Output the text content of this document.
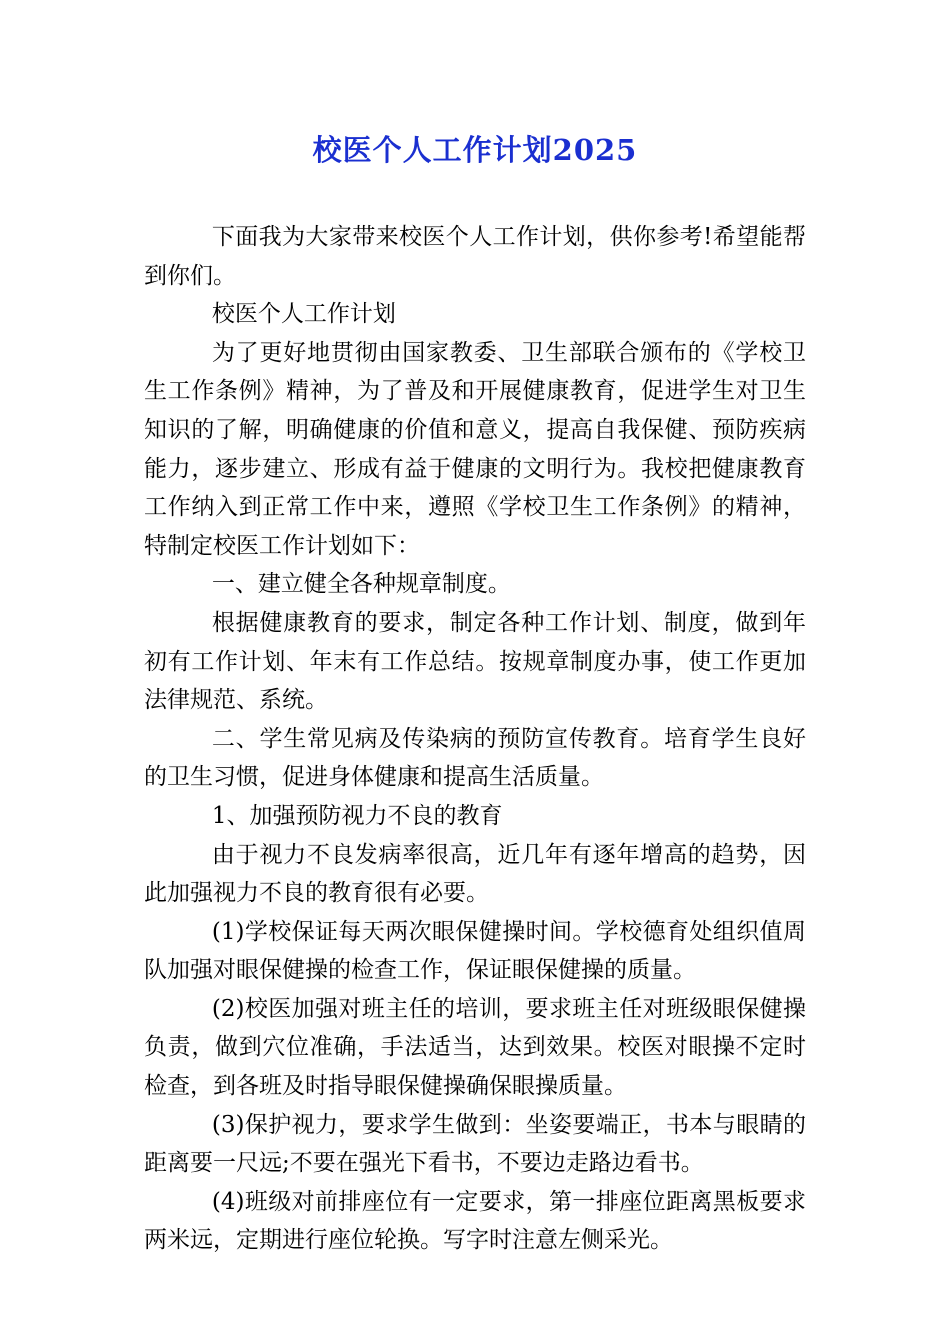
校医个人工作计划2025

下面我为大家带来校医个人工作计划，供你参考!希望能帮到你们。

校医个人工作计划

为了更好地贯彻由国家教委、卫生部联合颁布的《学校卫生工作条例》精神，为了普及和开展健康教育，促进学生对卫生知识的了解，明确健康的价值和意义，提高自我保健、预防疾病能力，逐步建立、形成有益于健康的文明行为。我校把健康教育工作纳入到正常工作中来，遵照《学校卫生工作条例》的精神，特制定校医工作计划如下：

一、建立健全各种规章制度。

根据健康教育的要求，制定各种工作计划、制度，做到年初有工作计划、年末有工作总结。按规章制度办事，使工作更加法律规范、系统。

二、学生常见病及传染病的预防宣传教育。培育学生良好的卫生习惯，促进身体健康和提高生活质量。

1、加强预防视力不良的教育

由于视力不良发病率很高，近几年有逐年增高的趋势，因此加强视力不良的教育很有必要。

(1)学校保证每天两次眼保健操时间。学校德育处组织值周队加强对眼保健操的检查工作，保证眼保健操的质量。

(2)校医加强对班主任的培训，要求班主任对班级眼保健操负责，做到穴位准确，手法适当，达到效果。校医对眼操不定时检查，到各班及时指导眼保健操确保眼操质量。

(3)保护视力，要求学生做到：坐姿要端正，书本与眼睛的距离要一尺远;不要在强光下看书，不要边走路边看书。

(4)班级对前排座位有一定要求，第一排座位距离黑板要求两米远，定期进行座位轮换。写字时注意左侧采光。
